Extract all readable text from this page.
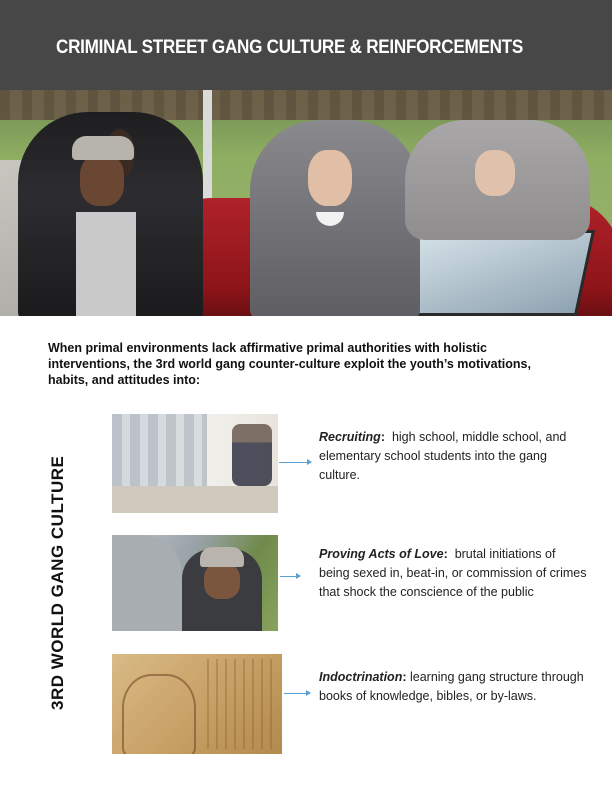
CRIMINAL STREET GANG CULTURE & REINFORCEMENTS
When primal environments lack affirmative primal authorities with holistic interventions, the 3rd world gang counter-culture exploit the youth’s motivations, habits, and attitudes into:
3RD WORLD GANG CULTURE
Recruiting: high school, middle school, and elementary school students into the gang culture.
Proving Acts of Love: brutal initiations of being sexed in, beat-in, or commission of crimes that shock the conscience of the public
Indoctrination: learning gang structure through books of knowledge, bibles, or by-laws.
